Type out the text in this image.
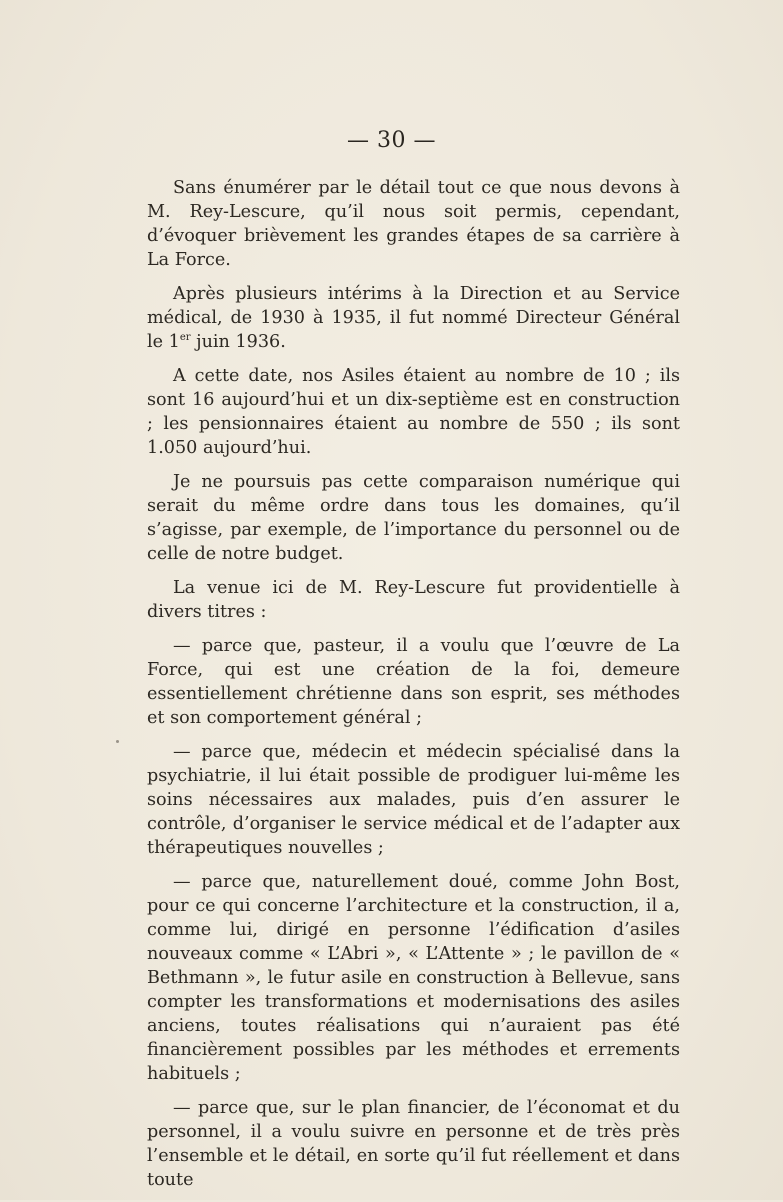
— 30 —

Sans énumérer par le détail tout ce que nous devons à M. Rey-Lescure, qu’il nous soit permis, cependant, d’évoquer brièvement les grandes étapes de sa carrière à La Force.

Après plusieurs intérims à la Direction et au Service médical, de 1930 à 1935, il fut nommé Directeur Général le 1er juin 1936.

A cette date, nos Asiles étaient au nombre de 10 ; ils sont 16 aujourd’hui et un dix-septième est en construction ; les pensionnaires étaient au nombre de 550 ; ils sont 1.050 aujourd’hui.

Je ne poursuis pas cette comparaison numérique qui serait du même ordre dans tous les domaines, qu’il s’agisse, par exemple, de l’importance du personnel ou de celle de notre budget.

La venue ici de M. Rey-Lescure fut providentielle à divers titres :

— parce que, pasteur, il a voulu que l’œuvre de La Force, qui est une création de la foi, demeure essentiellement chrétienne dans son esprit, ses méthodes et son comportement général ;

— parce que, médecin et médecin spécialisé dans la psychiatrie, il lui était possible de prodiguer lui-même les soins nécessaires aux malades, puis d’en assurer le contrôle, d’organiser le service médical et de l’adapter aux thérapeutiques nouvelles ;

— parce que, naturellement doué, comme John Bost, pour ce qui concerne l’architecture et la construction, il a, comme lui, dirigé en personne l’édification d’asiles nouveaux comme « L’Abri », « L’Attente » ; le pavillon de « Bethmann », le futur asile en construction à Bellevue, sans compter les transformations et modernisations des asiles anciens, toutes réalisations qui n’auraient pas été financièrement possibles par les méthodes et errements habituels ;

— parce que, sur le plan financier, de l’économat et du personnel, il a voulu suivre en personne et de très près l’ensemble et le détail, en sorte qu’il fut réellement et dans toute
